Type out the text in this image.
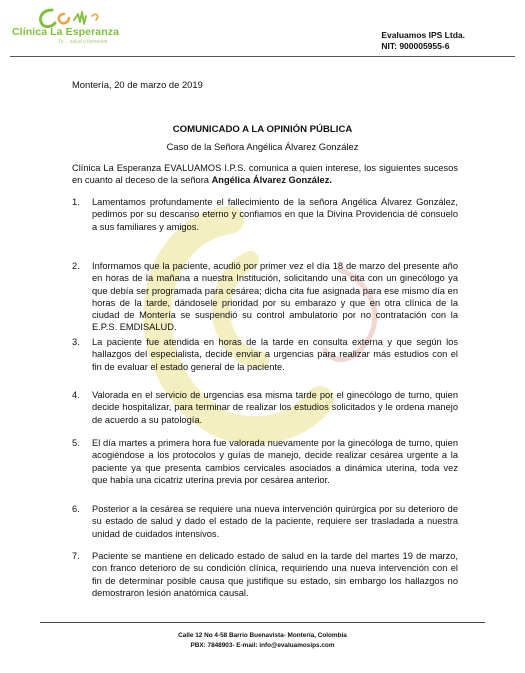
Clínica La Esperanza
Te… salud y bienestar
Evaluamos IPS Ltda.
NIT: 900005955-6
Montería, 20 de marzo de 2019
COMUNICADO A LA OPINIÓN PÚBLICA
Caso de la Señora Angélica Álvarez González
Clínica La Esperanza EVALUAMOS I.P.S. comunica a quien interese, los siguientes sucesos en cuanto al deceso de la señora Angélica Álvarez González.
1.	Lamentamos profundamente el fallecimiento de la señora Angélica Álvarez González, pedimos por su descanso eterno y confiamos en que la Divina Providencia dé consuelo a sus familiares y amigos.
2.	Informamos que la paciente, acudió por primer vez el día 18 de marzo del presente año en horas de la mañana a nuestra Institución, solicitando una cita con un ginecólogo ya que debía ser programada para cesárea; dicha cita fue asignada para ese mismo día en horas de la tarde, dándosele prioridad por su embarazo y que en otra clínica de la ciudad de Montería se suspendió su control ambulatorio por no contratación con la E.P.S. EMDISALUD.
3.	La paciente fue atendida en horas de la tarde en consulta externa y que según los hallazgos del especialista, decide enviar a urgencias para realizar más estudios con el fin de evaluar el estado general de la paciente.
4.	Valorada en el servicio de urgencias esa misma tarde por el ginecólogo de turno, quien decide hospitalizar, para terminar de realizar los estudios solicitados y le ordena manejo de acuerdo a su patología.
5.	El día martes a primera hora fue valorada nuevamente por la ginecóloga de turno, quien acogiéndose a los protocolos y guías de manejo, decide realizar cesárea urgente a la paciente ya que presenta cambios cervicales asociados a dinámica uterina, toda vez que había una cicatriz uterina previa por cesárea anterior.
6.	Posterior a la cesárea se requiere una nueva intervención quirúrgica por su deterioro de su estado de salud y dado el estado de la paciente, requiere ser trasladada a nuestra unidad de cuidados intensivos.
7.	Paciente se mantiene en delicado estado de salud en la tarde del martes 19 de marzo, con franco deterioro de su condición clínica, requiriendo una nueva intervención con el fin de determinar posible causa que justifique su estado, sin embargo los hallazgos no demostraron lesión anatómica causal.
Calle 12 No 4-58 Barrio Buenavista- Montería, Colombia
PBX: 7848903- E-mail: info@evaluamosips.com
